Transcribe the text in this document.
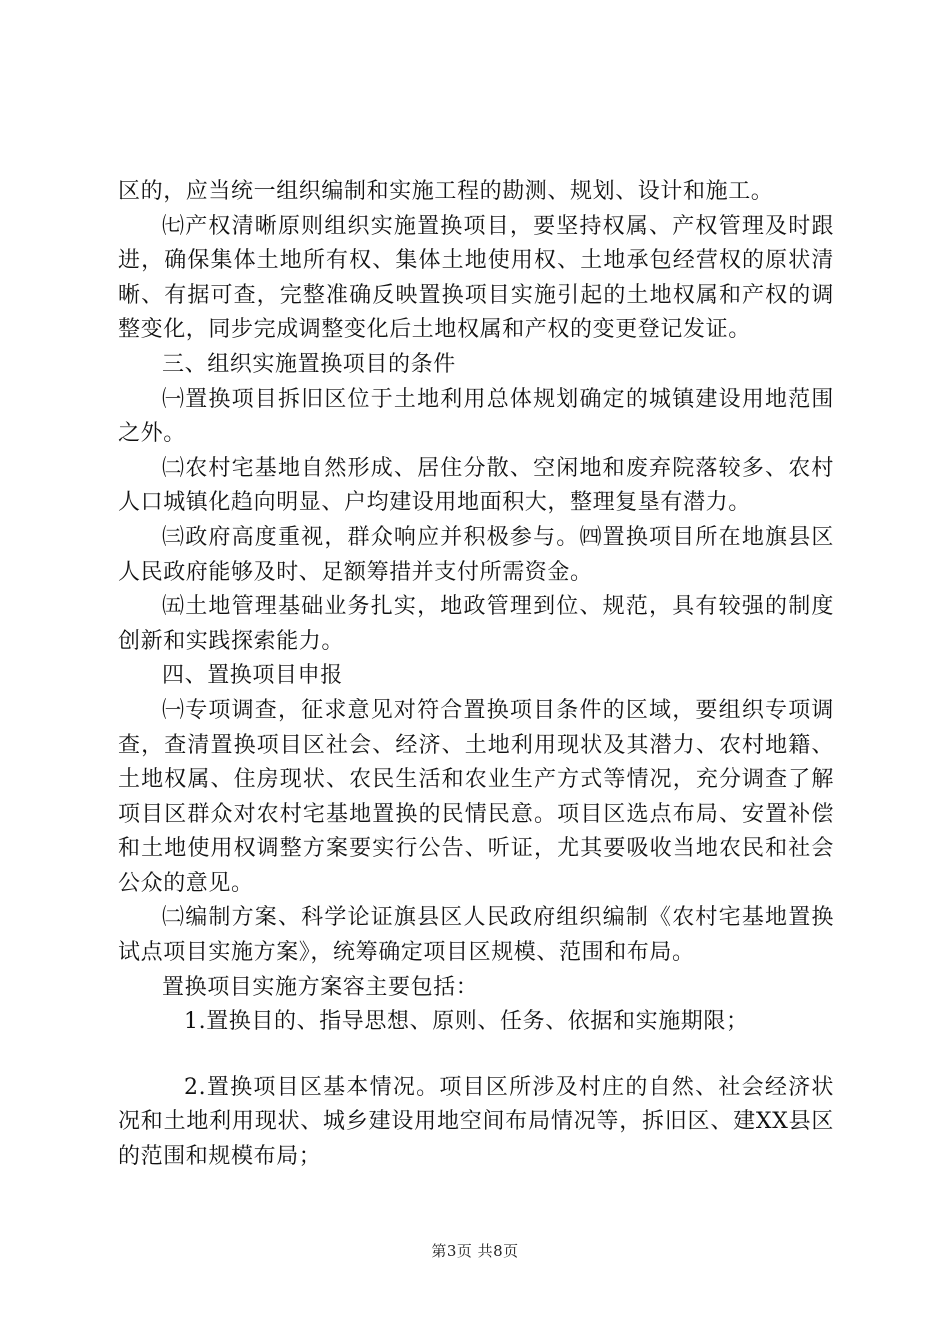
区的，应当统一组织编制和实施工程的勘测、规划、设计和施工。

㈦产权清晰原则组织实施置换项目，要坚持权属、产权管理及时跟进，确保集体土地所有权、集体土地使用权、土地承包经营权的原状清晰、有据可查，完整准确反映置换项目实施引起的土地权属和产权的调整变化，同步完成调整变化后土地权属和产权的变更登记发证。

三、组织实施置换项目的条件

㈠置换项目拆旧区位于土地利用总体规划确定的城镇建设用地范围之外。

㈡农村宅基地自然形成、居住分散、空闲地和废弃院落较多、农村人口城镇化趋向明显、户均建设用地面积大，整理复垦有潜力。

㈢政府高度重视，群众响应并积极参与。㈣置换项目所在地旗县区人民政府能够及时、足额筹措并支付所需资金。

㈤土地管理基础业务扎实，地政管理到位、规范，具有较强的制度创新和实践探索能力。

四、置换项目申报

㈠专项调查，征求意见对符合置换项目条件的区域，要组织专项调查，查清置换项目区社会、经济、土地利用现状及其潜力、农村地籍、土地权属、住房现状、农民生活和农业生产方式等情况，充分调查了解项目区群众对农村宅基地置换的民情民意。项目区选点布局、安置补偿和土地使用权调整方案要实行公告、听证，尤其要吸收当地农民和社会公众的意见。

㈡编制方案、科学论证旗县区人民政府组织编制《农村宅基地置换试点项目实施方案》，统筹确定项目区规模、范围和布局。

置换项目实施方案容主要包括：

1.置换目的、指导思想、原则、任务、依据和实施期限；

2.置换项目区基本情况。项目区所涉及村庄的自然、社会经济状况和土地利用现状、城乡建设用地空间布局情况等，拆旧区、建XX县区的范围和规模布局；

第3页 共8页
